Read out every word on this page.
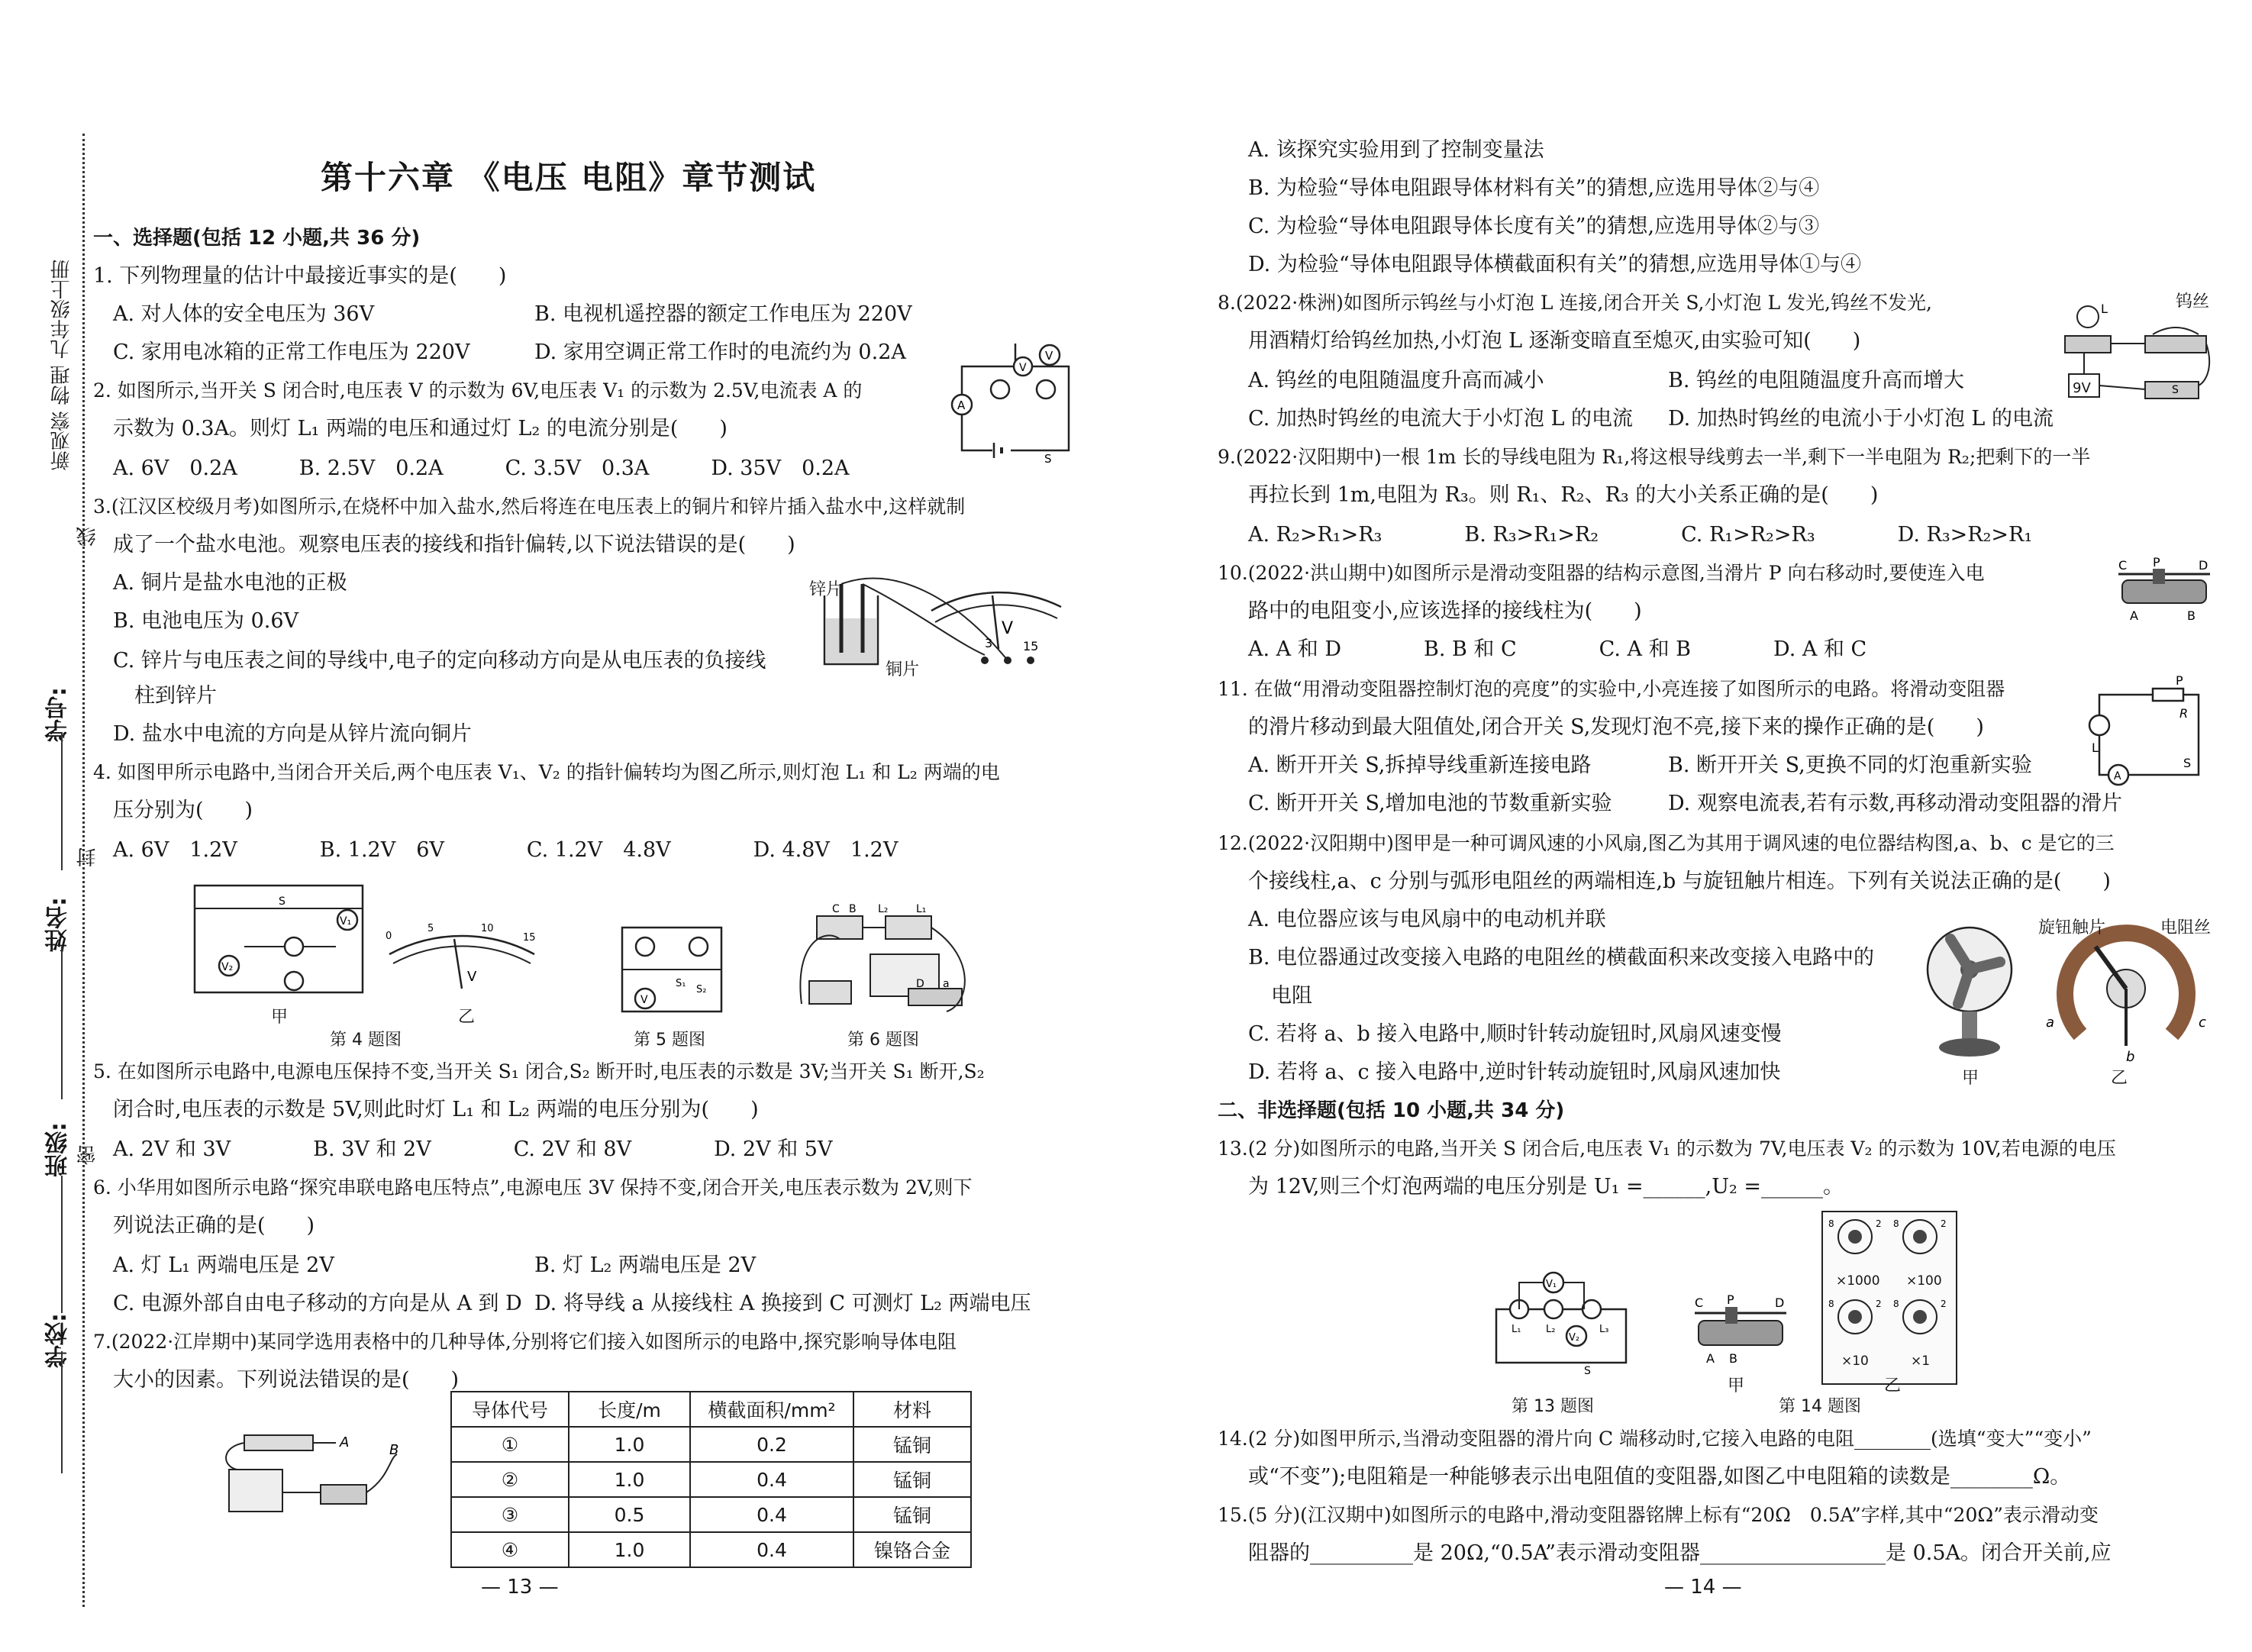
新观察 物理 九年级上册
学校:
班级:
姓名:
学号:
线
封
密
第十六章 《电压 电阻》章节测试
一、选择题(包括 12 小题,共 36 分)
1. 下列物理量的估计中最接近事实的是(　　)
A. 对人体的安全电压为 36V	B. 电视机遥控器的额定工作电压为 220V
C. 家用电冰箱的正常工作电压为 220V	D. 家用空调正常工作时的电流约为 0.2A
2. 如图所示,当开关 S 闭合时,电压表 V 的示数为 6V,电压表 V₁ 的示数为 2.5V,电流表 A 的
示数为 0.3A。则灯 L₁ 两端的电压和通过灯 L₂ 的电流分别是(　　)
A. 6V　0.2A　　　B. 2.5V　0.2A　　　C. 3.5V　0.3A　　　D. 35V　0.2A
3.(江汉区校级月考)如图所示,在烧杯中加入盐水,然后将连在电压表上的铜片和锌片插入盐水中,这样就制
成了一个盐水电池。观察电压表的接线和指针偏转,以下说法错误的是(　　)
A. 铜片是盐水电池的正极
B. 电池电压为 0.6V
C. 锌片与电压表之间的导线中,电子的定向移动方向是从电压表的负接线
柱到锌片
D. 盐水中电流的方向是从锌片流向铜片
4. 如图甲所示电路中,当闭合开关后,两个电压表 V₁、V₂ 的指针偏转均为图乙所示,则灯泡 L₁ 和 L₂ 两端的电
压分别为(　　)
A. 6V　1.2V　　　　B. 1.2V　6V　　　　C. 1.2V　4.8V　　　　D. 4.8V　1.2V
5. 在如图所示电路中,电源电压保持不变,当开关 S₁ 闭合,S₂ 断开时,电压表的示数是 3V;当开关 S₁ 断开,S₂
闭合时,电压表的示数是 5V,则此时灯 L₁ 和 L₂ 两端的电压分别为(　　)
A. 2V 和 3V　　　　B. 3V 和 2V　　　　C. 2V 和 8V　　　　D. 2V 和 5V
6. 小华用如图所示电路“探究串联电路电压特点”,电源电压 3V 保持不变,闭合开关,电压表示数为 2V,则下
列说法正确的是(　　)
A. 灯 L₁ 两端电压是 2V	B. 灯 L₂ 两端电压是 2V
C. 电源外部自由电子移动的方向是从 A 到 D D. 将导线 a 从接线柱 A 换接到 C 可测灯 L₂ 两端电压
7.(2022·江岸期中)某同学选用表格中的几种导体,分别将它们接入如图所示的电路中,探究影响导体电阻
大小的因素。下列说法错误的是(　　)
V
A
V
S
V
3 15
锌片
铜片
V₁
V₂
S
0
5	10
15
V
甲	乙
第 4 题图
V
S₁
S₂
第 5 题图
C B L₂	L₁
D a
第 6 题图
A	B
导体代号	长度/m	横截面积/mm²	材料
①	1.0	0.2	锰铜
②	1.0	0.4	锰铜
③	0.5	0.4	锰铜
④	1.0	0.4	镍铬合金
— 13 —
A. 该探究实验用到了控制变量法
B. 为检验“导体电阻跟导体材料有关”的猜想,应选用导体②与④
C. 为检验“导体电阻跟导体长度有关”的猜想,应选用导体②与③
D. 为检验“导体电阻跟导体横截面积有关”的猜想,应选用导体①与④
8.(2022·株洲)如图所示钨丝与小灯泡 L 连接,闭合开关 S,小灯泡 L 发光,钨丝不发光,
用酒精灯给钨丝加热,小灯泡 L 逐渐变暗直至熄灭,由实验可知(　　)
A. 钨丝的电阻随温度升高而减小	B. 钨丝的电阻随温度升高而增大
C. 加热时钨丝的电流大于小灯泡 L 的电流 D. 加热时钨丝的电流小于小灯泡 L 的电流
9.(2022·汉阳期中)一根 1m 长的导线电阻为 R₁,将这根导线剪去一半,剩下一半电阻为 R₂;把剩下的一半
再拉长到 1m,电阻为 R₃。则 R₁、R₂、R₃ 的大小关系正确的是(　　)
A. R₂>R₁>R₃　　　　B. R₃>R₁>R₂　　　　C. R₁>R₂>R₃　　　　D. R₃>R₂>R₁
10.(2022·洪山期中)如图所示是滑动变阻器的结构示意图,当滑片 P 向右移动时,要使连入电
路中的电阻变小,应该选择的接线柱为(　　)
A. A 和 D　　　　B. B 和 C　　　　C. A 和 B　　　　D. A 和 C
11. 在做“用滑动变阻器控制灯泡的亮度”的实验中,小亮连接了如图所示的电路。将滑动变阻器
的滑片移动到最大阻值处,闭合开关 S,发现灯泡不亮,接下来的操作正确的是(　　)
A. 断开开关 S,拆掉导线重新连接电路	B. 断开开关 S,更换不同的灯泡重新实验
C. 断开开关 S,增加电池的节数重新实验	D. 观察电流表,若有示数,再移动滑动变阻器的滑片
12.(2022·汉阳期中)图甲是一种可调风速的小风扇,图乙为其用于调风速的电位器结构图,a、b、c 是它的三
个接线柱,a、c 分别与弧形电阻丝的两端相连,b 与旋钮触片相连。下列有关说法正确的是(　　)
A. 电位器应该与电风扇中的电动机并联
B. 电位器通过改变接入电路的电阻丝的横截面积来改变接入电路中的
电阻
C. 若将 a、b 接入电路中,顺时针转动旋钮时,风扇风速变慢
D. 若将 a、c 接入电路中,逆时针转动旋钮时,风扇风速加快
二、非选择题(包括 10 小题,共 34 分)
13.(2 分)如图所示的电路,当开关 S 闭合后,电压表 V₁ 的示数为 7V,电压表 V₂ 的示数为 10V,若电源的电压
为 12V,则三个灯泡两端的电压分别是 U₁ =______,U₂ =______。
14.(2 分)如图甲所示,当滑动变阻器的滑片向 C 端移动时,它接入电路的电阻________(选填“变大”“变小”
或“不变”);电阻箱是一种能够表示出电阻值的变阻器,如图乙中电阻箱的读数是________Ω。
15.(5 分)(江汉期中)如图所示的电路中,滑动变阻器铭牌上标有“20Ω　0.5A”字样,其中“20Ω”表示滑动变
阻器的__________是 20Ω,“0.5A”表示滑动变阻器__________________是 0.5A。闭合开关前,应
L
S
钨丝
9V
C P	D
A	B
A
P
R
L
S
a
b
c
旋钮触片	电阻丝
甲	乙
V₁
V₂
L₁	L₂	L₃
S
第 13 题图
C P	D
A B
甲
8	2 8	2
8	2 8	2
×1000 ×100
×10	×1
乙
第 14 题图
— 14 —
